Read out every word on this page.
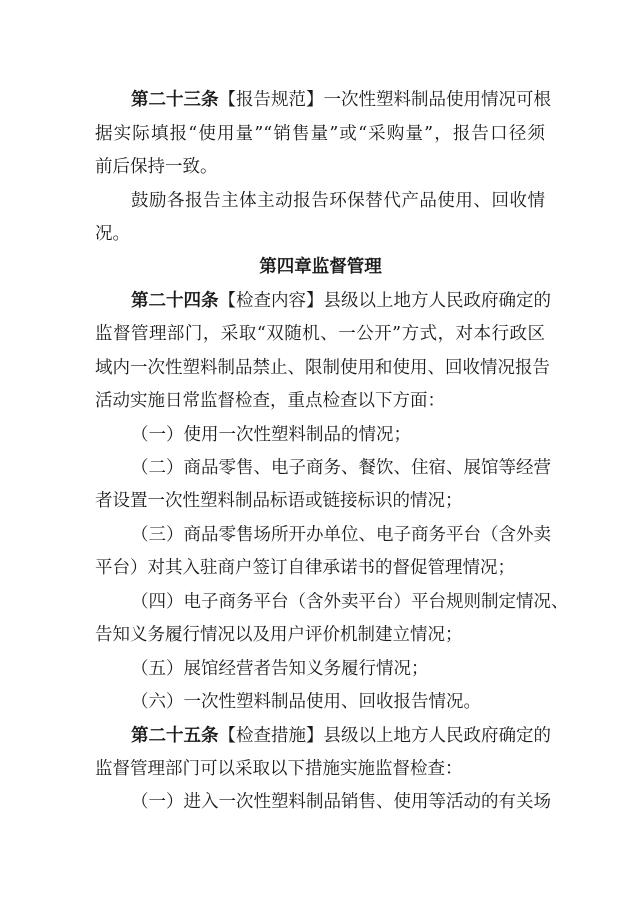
第二十三条【报告规范】一次性塑料制品使用情况可根
据实际填报“使用量”“销售量”或“采购量”，报告口径须
前后保持一致。
鼓励各报告主体主动报告环保替代产品使用、回收情
况。
第四章监督管理
第二十四条【检查内容】县级以上地方人民政府确定的
监督管理部门，采取“双随机、一公开”方式，对本行政区
域内一次性塑料制品禁止、限制使用和使用、回收情况报告
活动实施日常监督检查，重点检查以下方面：
（一）使用一次性塑料制品的情况；
（二）商品零售、电子商务、餐饮、住宿、展馆等经营
者设置一次性塑料制品标语或链接标识的情况；
（三）商品零售场所开办单位、电子商务平台（含外卖
平台）对其入驻商户签订自律承诺书的督促管理情况；
（四）电子商务平台（含外卖平台）平台规则制定情况、
告知义务履行情况以及用户评价机制建立情况；
（五）展馆经营者告知义务履行情况；
（六）一次性塑料制品使用、回收报告情况。
第二十五条【检查措施】县级以上地方人民政府确定的
监督管理部门可以采取以下措施实施监督检查：
（一）进入一次性塑料制品销售、使用等活动的有关场
